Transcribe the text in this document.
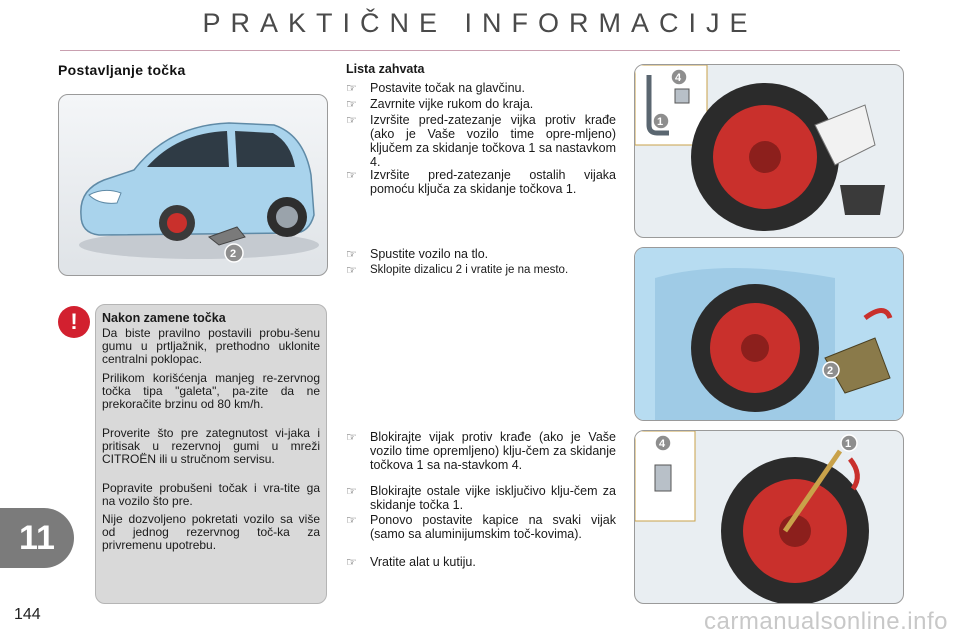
PRAKTIČNE INFORMACIJE
Postavljanje točka
2
!	Nakon zamene točka
Da biste pravilno postavili probu-šenu gumu u prtljažnik, prethodno uklonite centralni poklopac.
Prilikom korišćenja manjeg re-zervnog točka tipa "galeta", pa-zite da ne prekoračite brzinu od 80 km/h.
Proverite što pre zategnutost vi-jaka i pritisak u rezervnoj gumi u mreži CITROËN ili u stručnom servisu.
Popravite probušeni točak i vra-tite ga na vozilo što pre.
Nije dozvoljeno pokretati vozilo sa više od jednog rezervnog toč-ka za privremenu upotrebu.
Lista zahvata
☞ Postavite točak na glavčinu.
☞ Zavrnite vijke rukom do kraja.
☞ Izvršite pred-zatezanje vijka protiv krađe (ako je Vaše vozilo time opre-mljeno) ključem za skidanje točkova 1 sa nastavkom 4.
☞ Izvršite pred-zatezanje ostalih vijaka pomoću ključa za skidanje točkova 1.
☞ Spustite vozilo na tlo.
☞ Sklopite dizalicu 2 i vratite je na mesto.
☞ Blokirajte vijak protiv krađe (ako je Vaše vozilo time opremljeno) klju-čem za skidanje točkova 1 sa na-stavkom 4.
☞ Blokirajte ostale vijke isključivo klju-čem za skidanje točka 1.
☞ Ponovo postavite kapice na svaki vijak (samo sa aluminijumskim toč-kovima).
☞ Vratite alat u kutiju.
4
1
2
4	1
11
144	carmanualsonline.info
